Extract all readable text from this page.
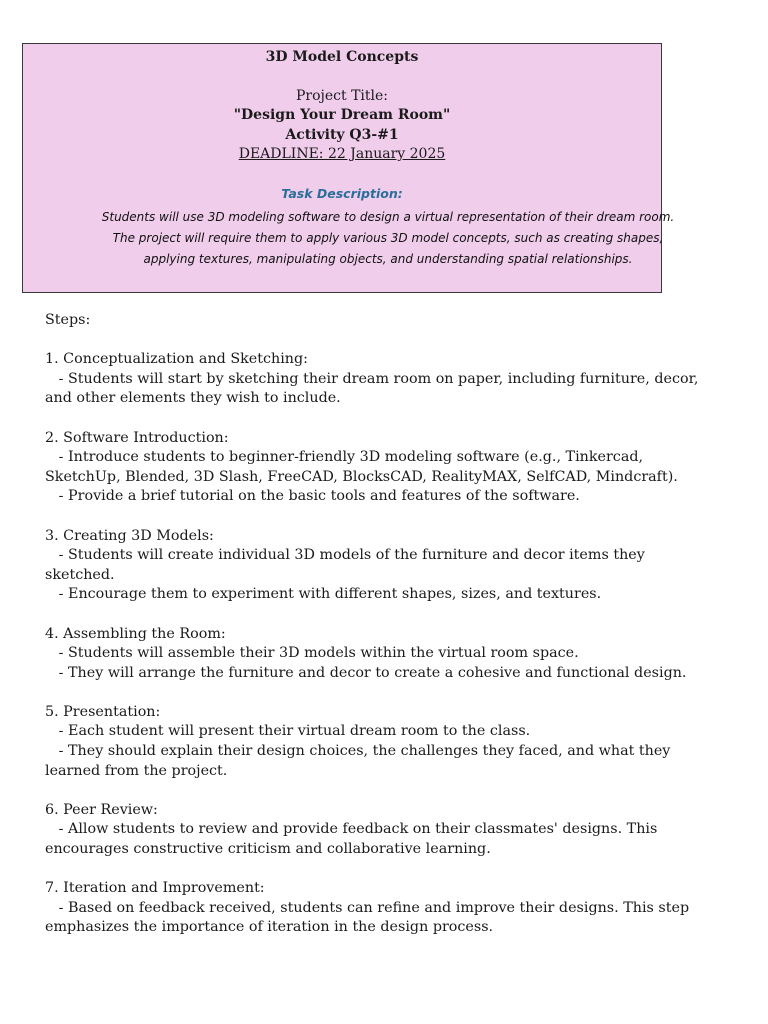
3D Model Concepts
Project Title:
"Design Your Dream Room"
Activity Q3-#1
DEADLINE: 22 January 2025
Task Description:
Students will use 3D modeling software to design a virtual representation of their dream room.
The project will require them to apply various 3D model concepts, such as creating shapes,
applying textures, manipulating objects, and understanding spatial relationships.
Steps:
1. Conceptualization and Sketching:
- Students will start by sketching their dream room on paper, including furniture, decor,
and other elements they wish to include.
2. Software Introduction:
- Introduce students to beginner-friendly 3D modeling software (e.g., Tinkercad,
SketchUp, Blended, 3D Slash, FreeCAD, BlocksCAD, RealityMAX, SelfCAD, Mindcraft).
- Provide a brief tutorial on the basic tools and features of the software.
3. Creating 3D Models:
- Students will create individual 3D models of the furniture and decor items they
sketched.
- Encourage them to experiment with different shapes, sizes, and textures.
4. Assembling the Room:
- Students will assemble their 3D models within the virtual room space.
- They will arrange the furniture and decor to create a cohesive and functional design.
5. Presentation:
- Each student will present their virtual dream room to the class.
- They should explain their design choices, the challenges they faced, and what they
learned from the project.
6. Peer Review:
- Allow students to review and provide feedback on their classmates' designs. This
encourages constructive criticism and collaborative learning.
7. Iteration and Improvement:
- Based on feedback received, students can refine and improve their designs. This step
emphasizes the importance of iteration in the design process.
